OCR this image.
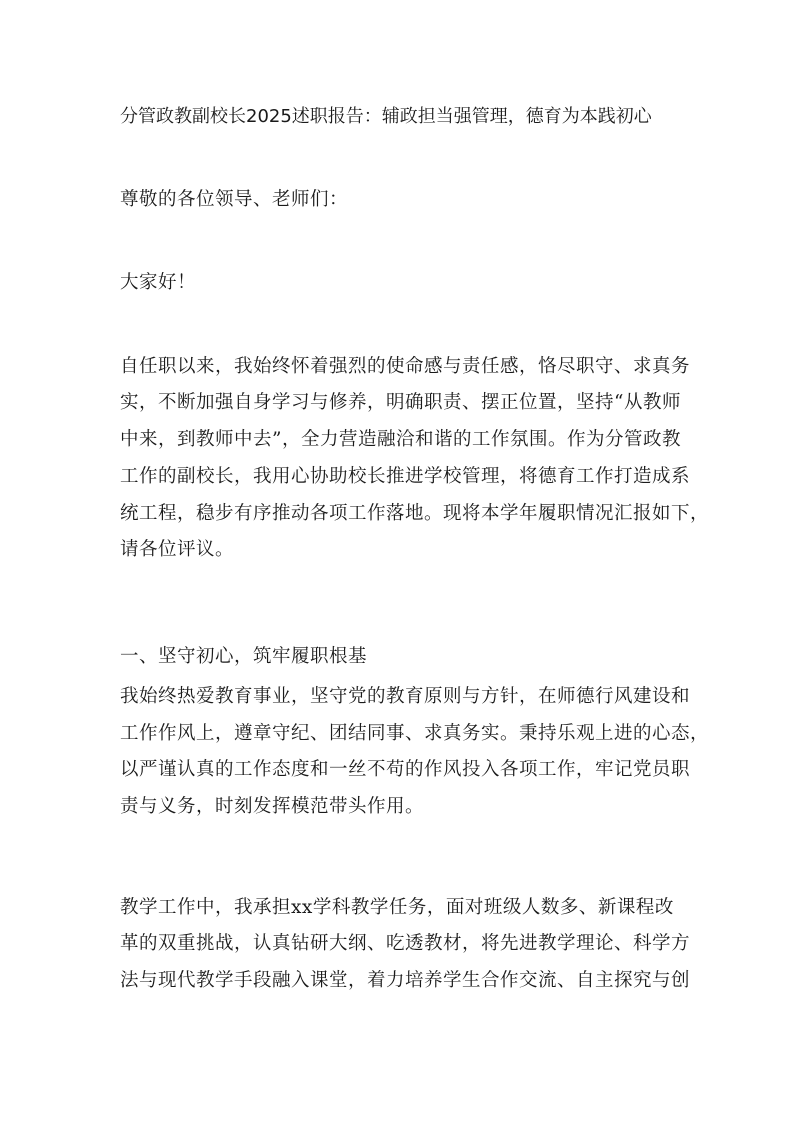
分管政教副校长2025述职报告：辅政担当强管理，德育为本践初心
尊敬的各位领导、老师们：
大家好！
自任职以来，我始终怀着强烈的使命感与责任感，恪尽职守、求真务
实，不断加强自身学习与修养，明确职责、摆正位置，坚持“从教师
中来，到教师中去”，全力营造融洽和谐的工作氛围。作为分管政教
工作的副校长，我用心协助校长推进学校管理，将德育工作打造成系
统工程，稳步有序推动各项工作落地。现将本学年履职情况汇报如下，
请各位评议。
一、坚守初心，筑牢履职根基
我始终热爱教育事业，坚守党的教育原则与方针，在师德行风建设和
工作作风上，遵章守纪、团结同事、求真务实。秉持乐观上进的心态，
以严谨认真的工作态度和一丝不苟的作风投入各项工作，牢记党员职
责与义务，时刻发挥模范带头作用。
教学工作中，我承担xx学科教学任务，面对班级人数多、新课程改
革的双重挑战，认真钻研大纲、吃透教材，将先进教学理论、科学方
法与现代教学手段融入课堂，着力培养学生合作交流、自主探究与创
